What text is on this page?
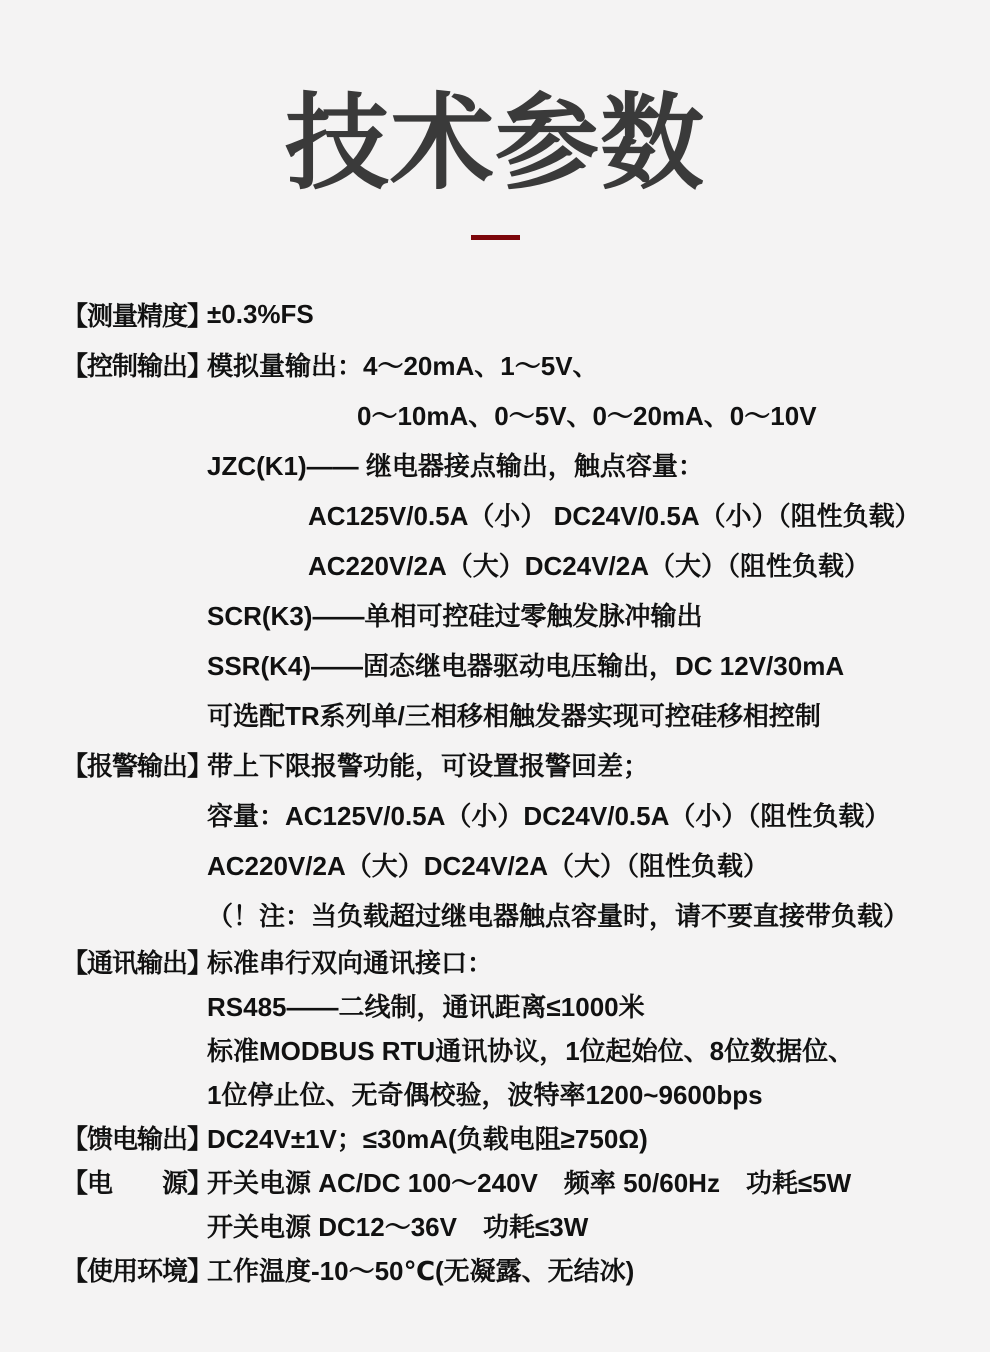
技术参数
【测量精度】
±0.3%FS
【控制输出】
模拟量输出：4～20mA、1～5V、
0～10mA、0～5V、0～20mA、0～10V
JZC(K1)—— 继电器接点输出，触点容量：
AC125V/0.5A（小） DC24V/0.5A（小）（阻性负载）
AC220V/2A（大）DC24V/2A（大）（阻性负载）
SCR(K3)——单相可控硅过零触发脉冲输出
SSR(K4)——固态继电器驱动电压输出，DC 12V/30mA
可选配TR系列单/三相移相触发器实现可控硅移相控制
【报警输出】
带上下限报警功能，可设置报警回差；
容量：AC125V/0.5A（小）DC24V/0.5A（小）（阻性负载）
AC220V/2A（大）DC24V/2A（大）（阻性负载）
（！注：当负载超过继电器触点容量时，请不要直接带负载）
【通讯输出】
标准串行双向通讯接口：
RS485——二线制，通讯距离≤1000米
标准MODBUS RTU通讯协议，1位起始位、8位数据位、
1位停止位、无奇偶校验，波特率1200~9600bps
【馈电输出】
DC24V±1V；≤30mA(负载电阻≥750Ω)
【电　　源】
开关电源 AC/DC 100～240V　频率 50/60Hz　功耗≤5W
开关电源 DC12～36V　功耗≤3W
【使用环境】
工作温度-10～50℃(无凝露、无结冰)
